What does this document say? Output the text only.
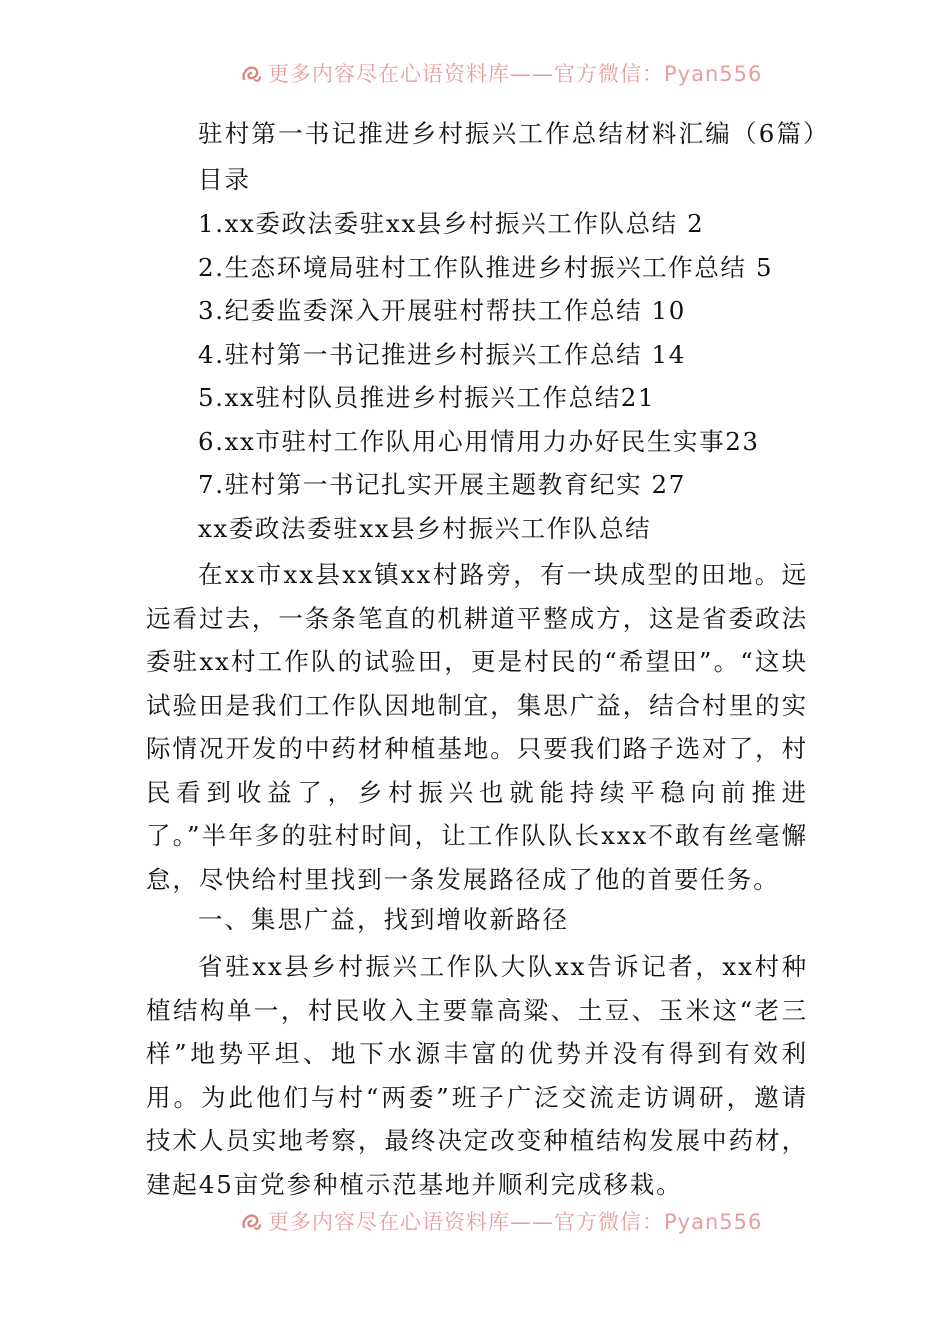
更多内容尽在心语资料库——官方微信：Pyan556
驻村第一书记推进乡村振兴工作总结材料汇编（6篇）
目录
1.xx委政法委驻xx县乡村振兴工作队总结 2
2.生态环境局驻村工作队推进乡村振兴工作总结 5
3.纪委监委深入开展驻村帮扶工作总结 10
4.驻村第一书记推进乡村振兴工作总结 14
5.xx驻村队员推进乡村振兴工作总结21
6.xx市驻村工作队用心用情用力办好民生实事23
7.驻村第一书记扎实开展主题教育纪实 27
xx委政法委驻xx县乡村振兴工作队总结

在xx市xx县xx镇xx村路旁，有一块成型的田地。远远看过去，一条条笔直的机耕道平整成方，这是省委政法委驻xx村工作队的试验田，更是村民的“希望田”。“这块试验田是我们工作队因地制宜，集思广益，结合村里的实际情况开发的中药材种植基地。只要我们路子选对了，村民看到收益了，乡村振兴也就能持续平稳向前推进了。”半年多的驻村时间，让工作队队长xxx不敢有丝毫懈怠，尽快给村里找到一条发展路径成了他的首要任务。

一、集思广益，找到增收新路径

省驻xx县乡村振兴工作队大队xx告诉记者，xx村种植结构单一，村民收入主要靠高粱、土豆、玉米这“老三样”地势平坦、地下水源丰富的优势并没有得到有效利用。为此他们与村“两委”班子广泛交流走访调研，邀请技术人员实地考察，最终决定改变种植结构发展中药材，建起45亩党参种植示范基地并顺利完成移栽。

更多内容尽在心语资料库——官方微信：Pyan556
